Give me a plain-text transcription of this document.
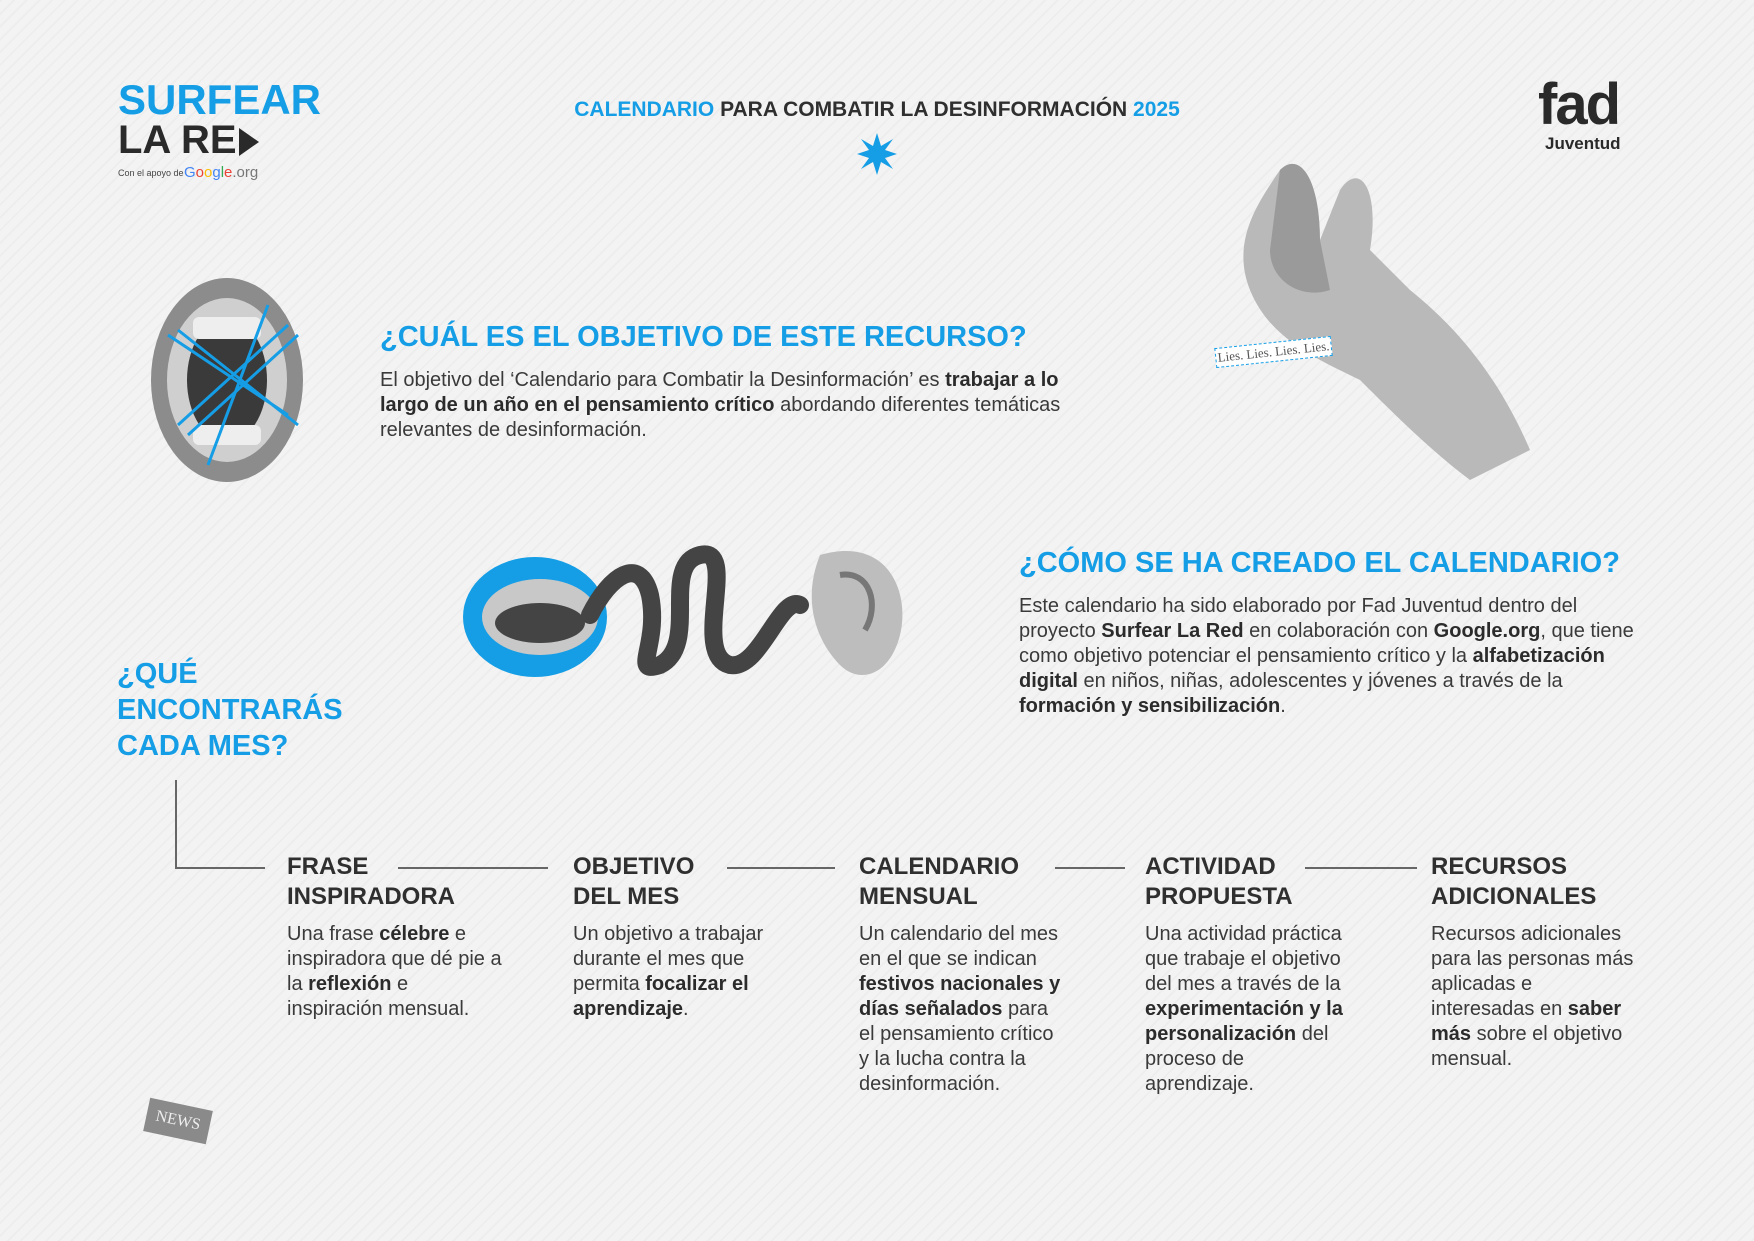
SURFEAR
LA RE
Con el apoyo de Google.org
CALENDARIO PARA COMBATIR LA DESINFORMACIÓN 2025	fad
Juventud
¿CUÁL ES EL OBJETIVO DE ESTE RECURSO?
El objetivo del ‘Calendario para Combatir la Desinformación’ es trabajar a lo largo de un año en el pensamiento crítico abordando diferentes temáticas relevantes de desinformación.
Lies. Lies. Lies. Lies.
¿CÓMO SE HA CREADO EL CALENDARIO?
Este calendario ha sido elaborado por Fad Juventud dentro del proyecto Surfear La Red en colaboración con Google.org, que tiene como objetivo potenciar el pensamiento crítico y la alfabetización digital en niños, niñas, adolescentes y jóvenes a través de la formación y sensibilización.
¿QUÉ ENCONTRARÁS CADA MES?
FRASE
INSPIRADORA
Una frase célebre e inspiradora que dé pie a la reflexión e inspiración mensual.
OBJETIVO
DEL MES
Un objetivo a trabajar durante el mes que permita focalizar el aprendizaje.
CALENDARIO
MENSUAL
Un calendario del mes en el que se indican festivos nacionales y días señalados para el pensamiento crítico y la lucha contra la desinformación.
ACTIVIDAD
PROPUESTA
Una actividad práctica que trabaje el objetivo del mes a través de la experimentación y la personalización del proceso de aprendizaje.
RECURSOS
ADICIONALES
Recursos adicionales para las personas más aplicadas e interesadas en saber más sobre el objetivo mensual.
NEWS
